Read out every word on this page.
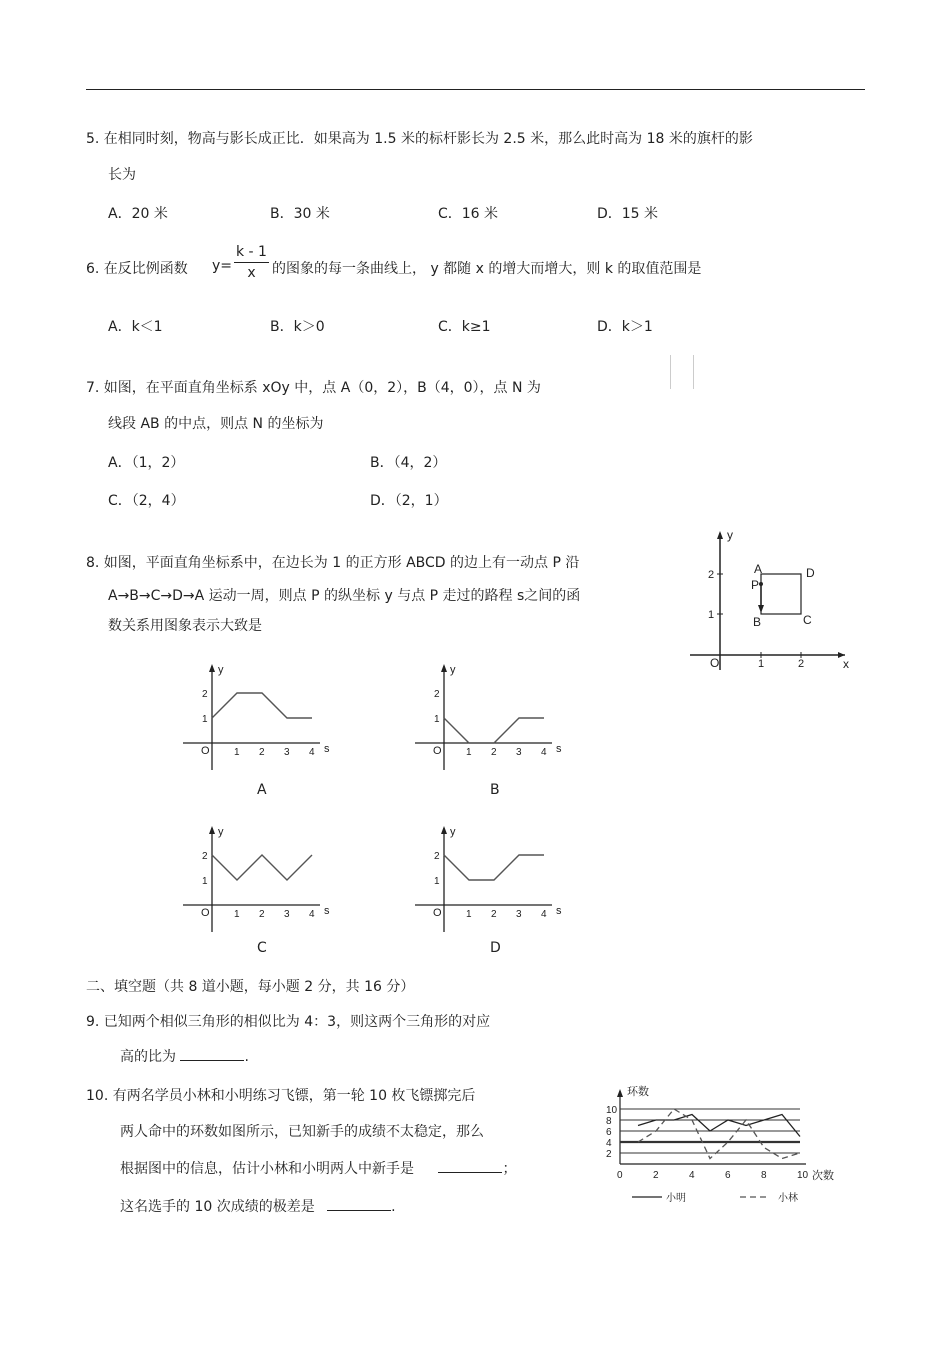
5. 在相同时刻，物高与影长成正比．如果高为 1.5 米的标杆影长为 2.5 米，那么此时高为 18 米的旗杆的影
长为
A．20 米	B．30 米	C．16 米	D．15 米
6. 在反比例函数 $y= \frac{k - 1}{x}$ 的图象的每一条曲线上， y 都随 x 的增大而增大，则 k 的取值范围是
A．k＜1	B．k＞0	C．k≥1	D．k＞1
7. 如图，在平面直角坐标系 xOy 中，点 A（0，2），B（4，0），点 N 为
线段 AB 的中点，则点 N 的坐标为
A．（1，2）	B．（4，2）
C．（2，4）	D．（2，1）
8. 如图，平面直角坐标系中，在边长为 1 的正方形 ABCD 的边上有一动点 P 沿
A→B→C→D→A 运动一周，则点 P 的纵坐标 y 与点 P 走过的路程 s之间的函
数关系用图象表示大致是
y
x
O	1	2
1
2	A	D
P
B	C
y
s
O 1 2 3 4
1
2
y
s
O 1 2 3 4
1
2
y
s
O 1 2 3 4
1
2
y
s
O 1 2 3 4
1
2
A	B
C	D
二、填空题（共 8 道小题，每小题 2 分，共 16 分）
9. 已知两个相似三角形的相似比为 4：3，则这两个三角形的对应
高的比为	.
10. 有两名学员小林和小明练习飞镖，第一轮 10 枚飞镖掷完后
两人命中的环数如图所示，已知新手的成绩不太稳定，那么
根据图中的信息，估计小林和小明两人中新手是	；
这名选手的 10 次成绩的极差是	.
环数
次数
2
4
6
8
10
0	2	4	6	8	10
小明	小林
